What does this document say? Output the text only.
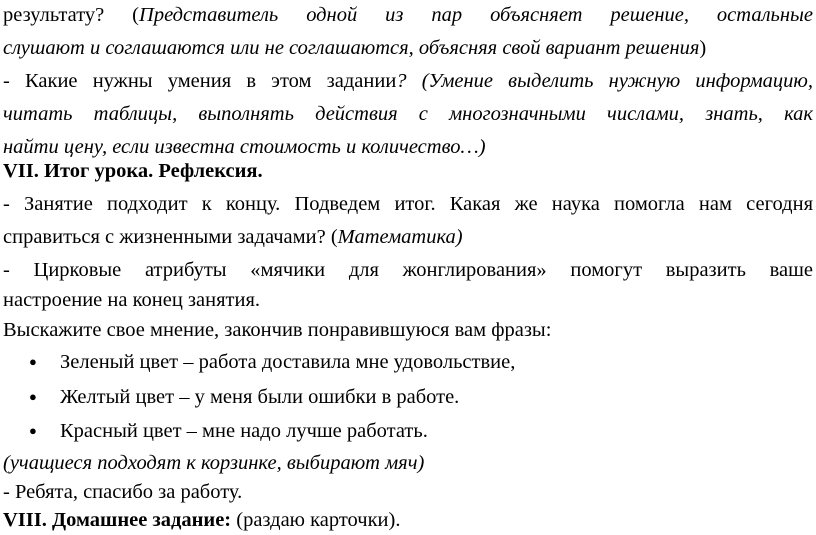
результату? (Представитель одной из пар объясняет решение, остальные
слушают и соглашаются или не соглашаются, объясняя свой вариант решения)
- Какие нужны умения в этом задании? (Умение выделить нужную информацию,
читать таблицы, выполнять действия с многозначными числами, знать, как
найти цену, если известна стоимость и количество…)
VII. Итог урока. Рефлексия.
- Занятие подходит к концу. Подведем итог. Какая же наука помогла нам сегодня
справиться с жизненными задачами? (Математика)
- Цирковые атрибуты «мячики для жонглирования» помогут выразить ваше
настроение на конец занятия.
Выскажите свое мнение, закончив понравившуюся вам фразы:
● Зеленый цвет – работа доставила мне удовольствие,
● Желтый цвет – у меня были ошибки в работе.
● Красный цвет – мне надо лучше работать.
(учащиеся подходят к корзинке, выбирают мяч)
- Ребята, спасибо за работу.
VIII. Домашнее задание: (раздаю карточки).
